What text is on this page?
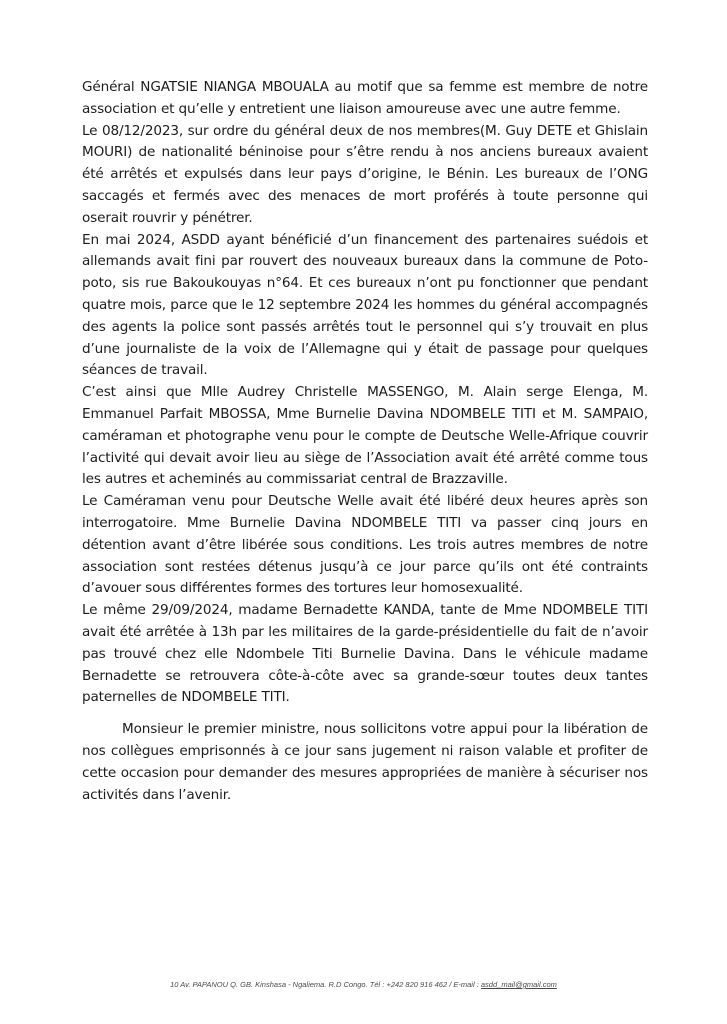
Général NGATSIE NIANGA MBOUALA au motif que sa femme est membre de notre association et qu’elle y entretient une liaison amoureuse avec une autre femme.

Le 08/12/2023, sur ordre du général deux de nos membres(M. Guy DETE et Ghislain MOURI) de nationalité béninoise pour s’être rendu à nos anciens bureaux avaient été arrêtés et expulsés dans leur pays d’origine, le Bénin. Les bureaux de l’ONG saccagés et fermés avec des menaces de mort proférés à toute personne qui oserait rouvrir y pénétrer.

En mai 2024, ASDD ayant bénéficié d’un financement des partenaires suédois et allemands avait fini par rouvert des nouveaux bureaux dans la commune de Poto-poto, sis rue Bakoukouyas n°64. Et ces bureaux n’ont pu fonctionner que pendant quatre mois, parce que le 12 septembre 2024 les hommes du général accompagnés des agents la police sont passés arrêtés tout le personnel qui s’y trouvait en plus d’une journaliste de la voix de l’Allemagne qui y était de passage pour quelques séances de travail.

C’est ainsi que Mlle Audrey Christelle MASSENGO, M. Alain serge Elenga, M. Emmanuel Parfait MBOSSA, Mme Burnelie Davina NDOMBELE TITI et M. SAMPAIO, caméraman et photographe venu pour le compte de Deutsche Welle-Afrique couvrir l’activité qui devait avoir lieu au siège de l’Association avait été arrêté comme tous les autres et acheminés au commissariat central de Brazzaville.

Le Caméraman venu pour Deutsche Welle avait été libéré deux heures après son interrogatoire. Mme Burnelie Davina NDOMBELE TITI va passer cinq jours en détention avant d’être libérée sous conditions. Les trois autres membres de notre association sont restées détenus jusqu’à ce jour parce qu’ils ont été contraints d’avouer sous différentes formes des tortures leur homosexualité.

Le même 29/09/2024, madame Bernadette KANDA, tante de Mme NDOMBELE TITI avait été arrêtée à 13h par les militaires de la garde-présidentielle du fait de n’avoir pas trouvé chez elle Ndombele Titi Burnelie Davina. Dans le véhicule madame Bernadette se retrouvera côte-à-côte avec sa grande-sœur toutes deux tantes paternelles de NDOMBELE TITI.

Monsieur le premier ministre, nous sollicitons votre appui pour la libération de nos collègues emprisonnés à ce jour sans jugement ni raison valable et profiter de cette occasion pour demander des mesures appropriées de manière à sécuriser nos activités dans l’avenir.

10 Av. PAPANOU Q. GB. Kinshasa - Ngaliema. R.D Congo. Tél : +242 820 916 462 / E-mail : asdd_mail@gmail.com
